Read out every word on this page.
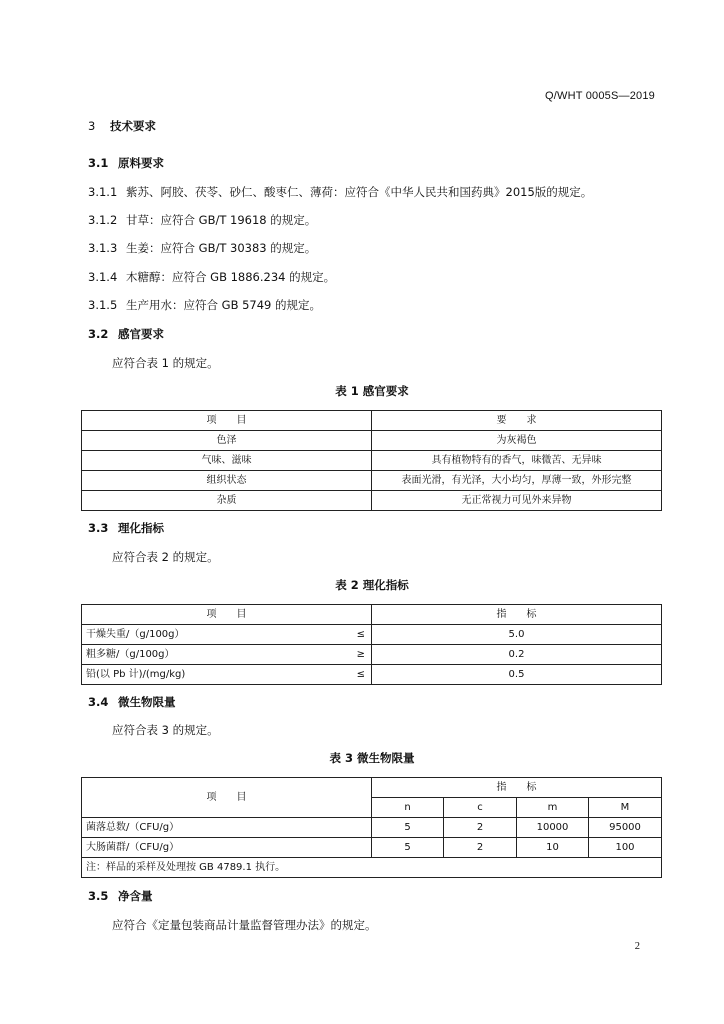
Q/WHT 0005S—2019
3 技术要求
3.1 原料要求
3.1.1 紫苏、阿胶、茯苓、砂仁、酸枣仁、薄荷：应符合《中华人民共和国药典》2015版的规定。
3.1.2 甘草：应符合 GB/T 19618 的规定。
3.1.3 生姜：应符合 GB/T 30383 的规定。
3.1.4 木糖醇：应符合 GB 1886.234 的规定。
3.1.5 生产用水：应符合 GB 5749 的规定。
3.2 感官要求
应符合表 1 的规定。
表 1 感官要求
项　　目	要　　求
色泽	为灰褐色
气味、滋味	具有植物特有的香气，味微苦、无异味
组织状态	表面光滑，有光泽，大小均匀，厚薄一致，外形完整
杂质	无正常视力可见外来异物
3.3 理化指标
应符合表 2 的规定。
表 2 理化指标
项　　目		指　　标
干燥失重/（g/100g）	≤	5.0
粗多糖/（g/100g）	≥	0.2
铅(以 Pb 计)/(mg/kg)	≤	0.5
3.4 微生物限量
应符合表 3 的规定。
表 3 微生物限量
项　　目	指　　标			
	n	c	m	M
菌落总数/（CFU/g）	5	2	10000	95000
大肠菌群/（CFU/g）	5	2	10	100
注：样品的采样及处理按 GB 4789.1 执行。				
3.5 净含量
应符合《定量包装商品计量监督管理办法》的规定。
2
